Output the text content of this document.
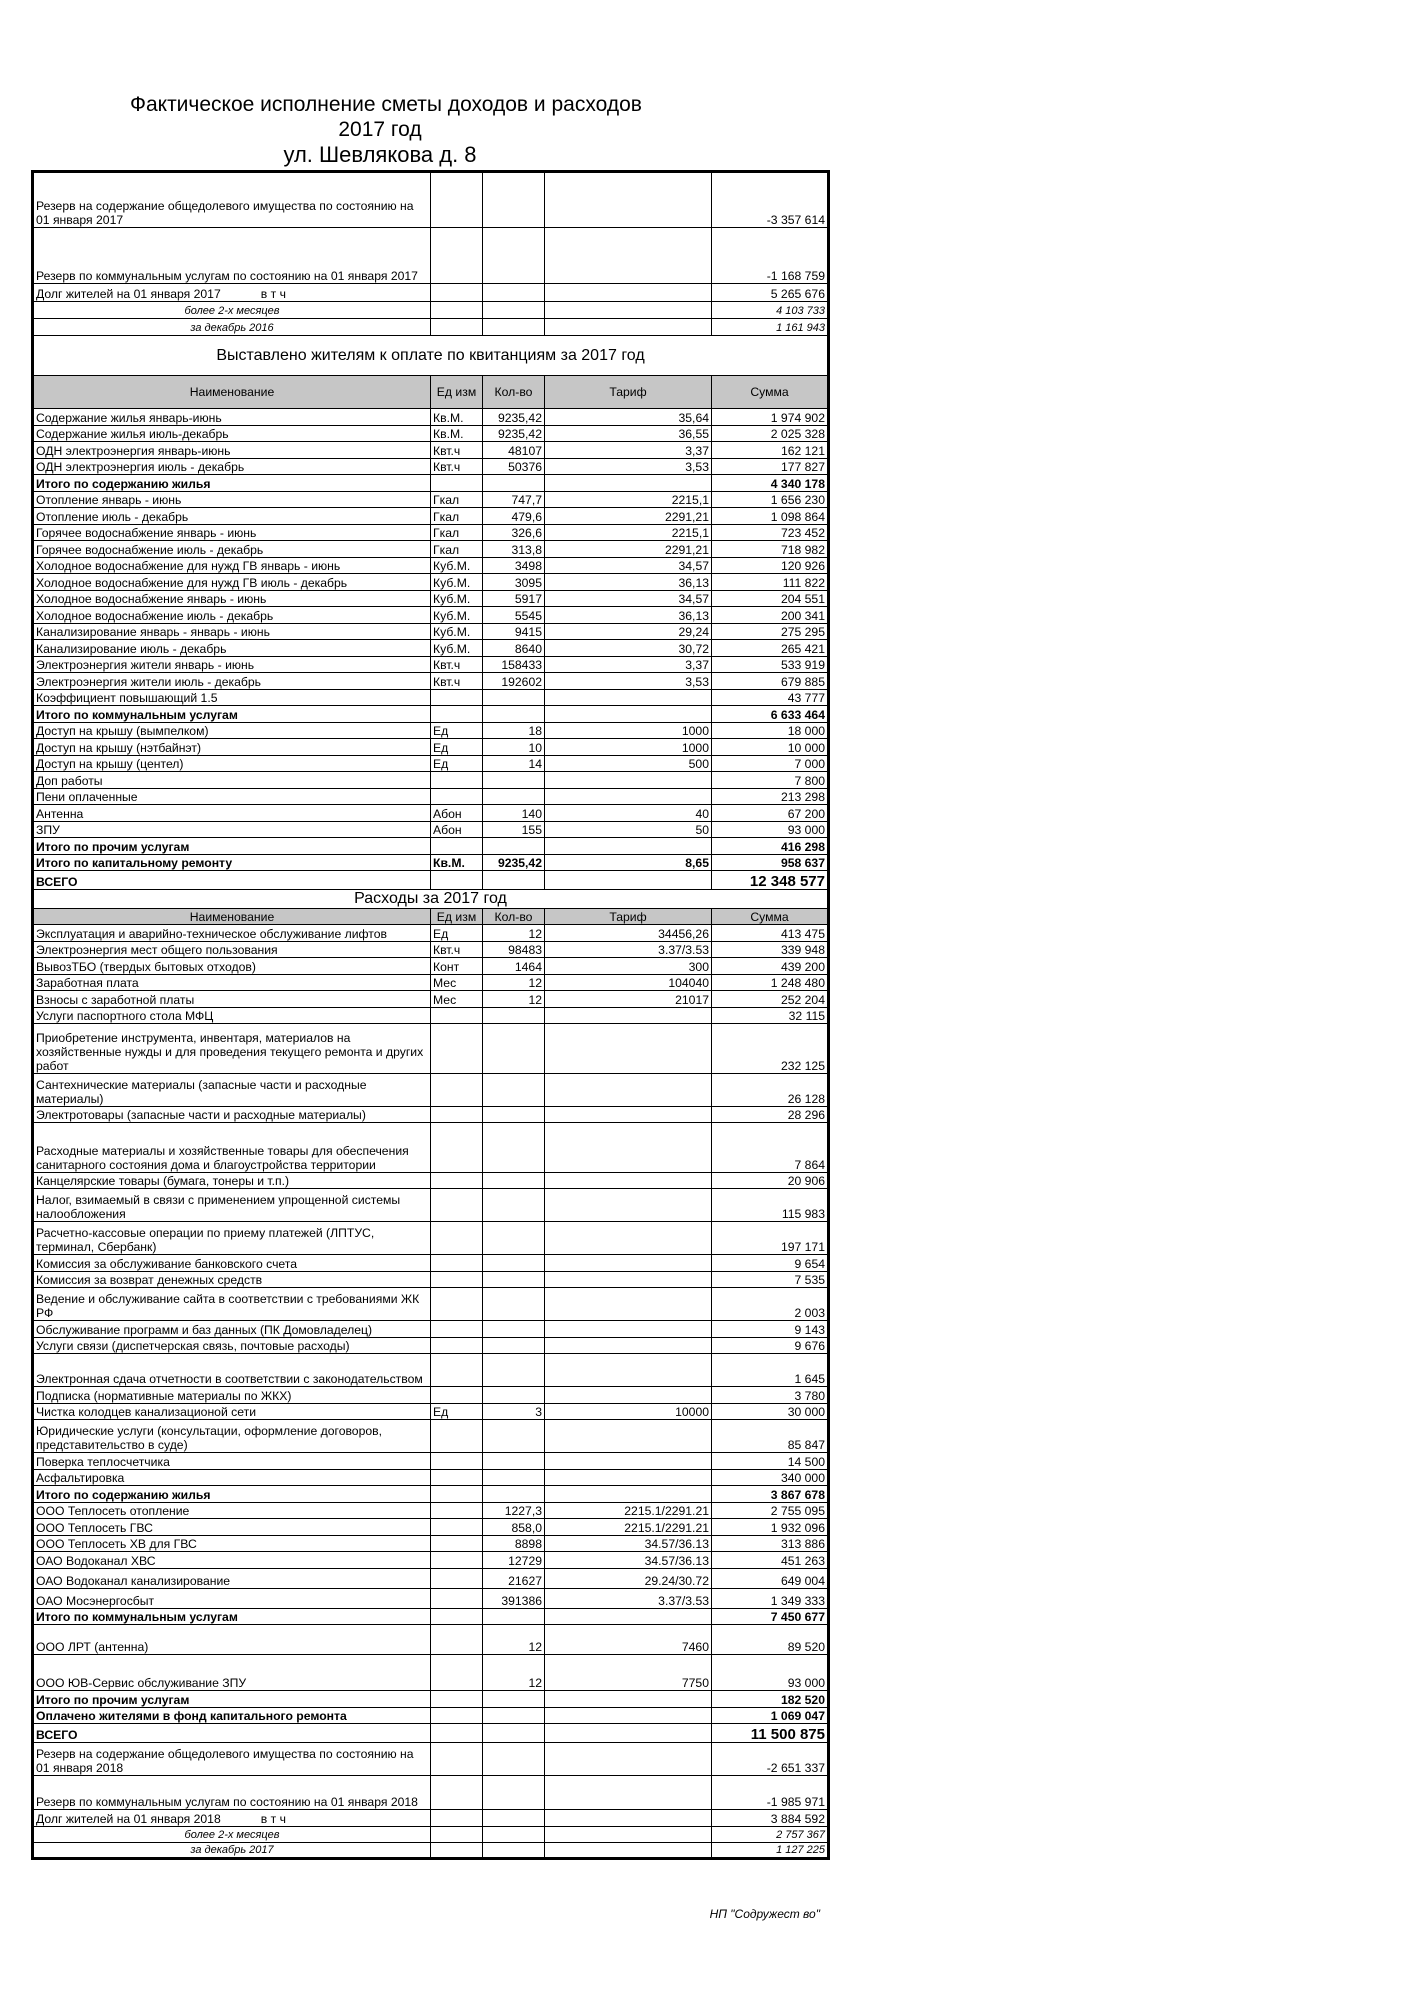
Фактическое исполнение сметы доходов и расходов
2017 год
ул. Шевлякова д. 8
Резерв на содержание общедолевого имущества по состоянию на 01 января 2017				-3 357 614
Резерв по коммунальным услугам по состоянию на 01 января 2017				-1 168 759
Долг жителей на 01 января 2017 в т ч				5 265 676
более 2-х месяцев				4 103 733
за декабрь 2016				1 161 943
Выставлено жителям к оплате по квитанциям за 2017 год				
Наименование	Ед изм	Кол-во	Тариф	Сумма
Содержание жилья январь-июнь	Кв.М.	9235,42	35,64	1 974 902
Содержание жилья июль-декабрь	Кв.М.	9235,42	36,55	2 025 328
ОДН электроэнергия январь-июнь	Квт.ч	48107	3,37	162 121
ОДН электроэнергия июль - декабрь	Квт.ч	50376	3,53	177 827
Итого по содержанию жилья				4 340 178
Отопление январь - июнь	Гкал	747,7	2215,1	1 656 230
Отопление июль - декабрь	Гкал	479,6	2291,21	1 098 864
Горячее водоснабжение январь - июнь	Гкал	326,6	2215,1	723 452
Горячее водоснабжение июль - декабрь	Гкал	313,8	2291,21	718 982
Холодное водоснабжение для нужд ГВ январь - июнь	Куб.М.	3498	34,57	120 926
Холодное водоснабжение для нужд ГВ июль - декабрь	Куб.М.	3095	36,13	111 822
Холодное водоснабжение январь - июнь	Куб.М.	5917	34,57	204 551
Холодное водоснабжение июль - декабрь	Куб.М.	5545	36,13	200 341
Канализирование январь - январь - июнь	Куб.М.	9415	29,24	275 295
Канализирование июль - декабрь	Куб.М.	8640	30,72	265 421
Электроэнергия жители январь - июнь	Квт.ч	158433	3,37	533 919
Электроэнергия жители июль - декабрь	Квт.ч	192602	3,53	679 885
Коэффициент повышающий 1.5				43 777
Итого по коммунальным услугам				6 633 464
Доступ на крышу (вымпелком)	Ед	18	1000	18 000
Доступ на крышу (нэтбайнэт)	Ед	10	1000	10 000
Доступ на крышу (центел)	Ед	14	500	7 000
Доп работы				7 800
Пени оплаченные				213 298
Антенна	Абон	140	40	67 200
ЗПУ	Абон	155	50	93 000
Итого по прочим услугам				416 298
Итого по капитальному ремонту	Кв.М.	9235,42	8,65	958 637
ВСЕГО				12 348 577
Расходы за 2017 год				
Наименование	Ед изм	Кол-во	Тариф	Сумма
Эксплуатация и аварийно-техническое обслуживание лифтов	Ед	12	34456,26	413 475
Электроэнергия мест общего пользования	Квт.ч	98483	3.37/3.53	339 948
ВывозТБО (твердых бытовых отходов)	Конт	1464	300	439 200
Заработная плата	Мес	12	104040	1 248 480
Взносы с заработной платы	Мес	12	21017	252 204
Услуги паспортного стола МФЦ				32 115
Приобретение инструмента, инвентаря, материалов на хозяйственные нужды и для проведения текущего ремонта и других работ				232 125
Сантехнические материалы (запасные части и расходные материалы)				26 128
Электротовары (запасные части и расходные материалы)				28 296
Расходные материалы и хозяйственные товары для обеспечения санитарного состояния дома и благоустройства территории				7 864
Канцелярские товары (бумага, тонеры и т.п.)				20 906
Налог, взимаемый в связи с применением упрощенной системы налообложения				115 983
Расчетно-кассовые операции по приему платежей (ЛПТУС, терминал, Сбербанк)				197 171
Комиссия за обслуживание банковского счета				9 654
Комиссия за возврат денежных средств				7 535
Ведение и обслуживание сайта в соответствии с требованиями ЖК РФ				2 003
Обслуживание программ и баз данных (ПК Домовладелец)				9 143
Услуги связи (диспетчерская связь, почтовые расходы)				9 676
Электронная сдача отчетности в соответствии с законодательством				1 645
Подписка (нормативные материалы по ЖКХ)				3 780
Чистка колодцев канализационой сети	Ед	3	10000	30 000
Юридические услуги (консультации, оформление договоров, представительство в суде)				85 847
Поверка теплосчетчика				14 500
Асфальтировка				340 000
Итого по содержанию жилья				3 867 678
ООО Теплосеть отопление		1227,3	2215.1/2291.21	2 755 095
ООО Теплосеть ГВС		858,0	2215.1/2291.21	1 932 096
ООО Теплосеть ХВ для ГВС		8898	34.57/36.13	313 886
ОАО Водоканал ХВС		12729	34.57/36.13	451 263
ОАО Водоканал канализирование		21627	29.24/30.72	649 004
ОАО Мосэнергосбыт		391386	3.37/3.53	1 349 333
Итого по коммунальным услугам				7 450 677
ООО ЛРТ (антенна)		12	7460	89 520
ООО ЮВ-Сервис обслуживание ЗПУ		12	7750	93 000
Итого по прочим услугам				182 520
Оплачено жителями в фонд капитального ремонта				1 069 047
ВСЕГО				11 500 875
Резерв на содержание общедолевого имущества по состоянию на 01 января 2018				-2 651 337
Резерв по коммунальным услугам по состоянию на 01 января 2018				-1 985 971
Долг жителей на 01 января 2018 в т ч				3 884 592
более 2-х месяцев				2 757 367
за декабрь 2017				1 127 225
НП "Содружест во"
